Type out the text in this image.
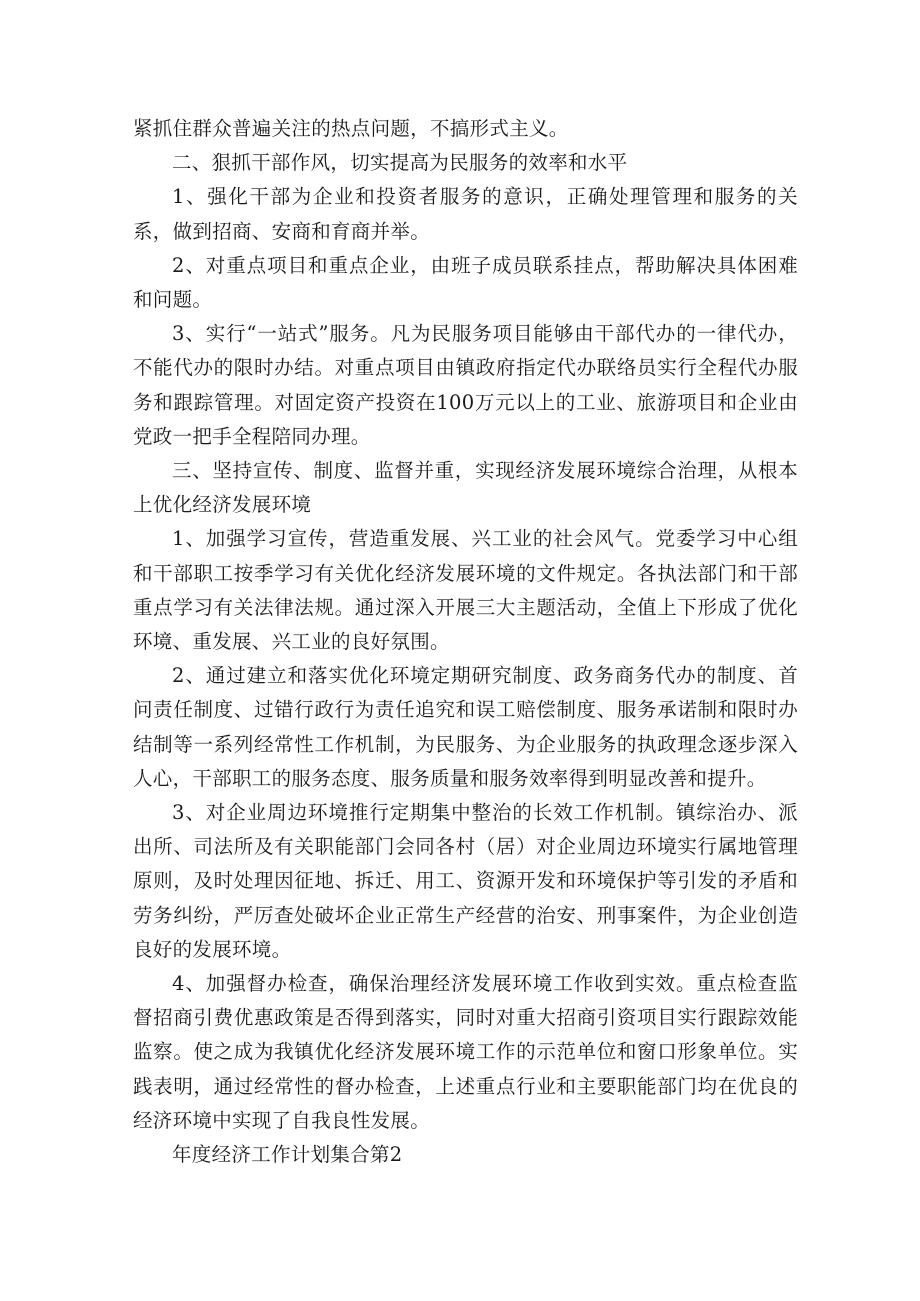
紧抓住群众普遍关注的热点问题，不搞形式主义。

二、狠抓干部作风，切实提高为民服务的效率和水平

1、强化干部为企业和投资者服务的意识，正确处理管理和服务的关系，做到招商、安商和育商并举。

2、对重点项目和重点企业，由班子成员联系挂点，帮助解决具体困难和问题。

3、实行“一站式”服务。凡为民服务项目能够由干部代办的一律代办，不能代办的限时办结。对重点项目由镇政府指定代办联络员实行全程代办服务和跟踪管理。对固定资产投资在100万元以上的工业、旅游项目和企业由党政一把手全程陪同办理。

三、坚持宣传、制度、监督并重，实现经济发展环境综合治理，从根本上优化经济发展环境

1、加强学习宣传，营造重发展、兴工业的社会风气。党委学习中心组和干部职工按季学习有关优化经济发展环境的文件规定。各执法部门和干部重点学习有关法律法规。通过深入开展三大主题活动，全值上下形成了优化环境、重发展、兴工业的良好氛围。

2、通过建立和落实优化环境定期研究制度、政务商务代办的制度、首问责任制度、过错行政行为责任追究和误工赔偿制度、服务承诺制和限时办结制等一系列经常性工作机制，为民服务、为企业服务的执政理念逐步深入人心，干部职工的服务态度、服务质量和服务效率得到明显改善和提升。

3、对企业周边环境推行定期集中整治的长效工作机制。镇综治办、派出所、司法所及有关职能部门会同各村（居）对企业周边环境实行属地管理原则，及时处理因征地、拆迁、用工、资源开发和环境保护等引发的矛盾和劳务纠纷，严厉查处破坏企业正常生产经营的治安、刑事案件，为企业创造良好的发展环境。

4、加强督办检查，确保治理经济发展环境工作收到实效。重点检查监督招商引费优惠政策是否得到落实，同时对重大招商引资项目实行跟踪效能监察。使之成为我镇优化经济发展环境工作的示范单位和窗口形象单位。实践表明，通过经常性的督办检查，上述重点行业和主要职能部门均在优良的经济环境中实现了自我良性发展。

年度经济工作计划集合第2
